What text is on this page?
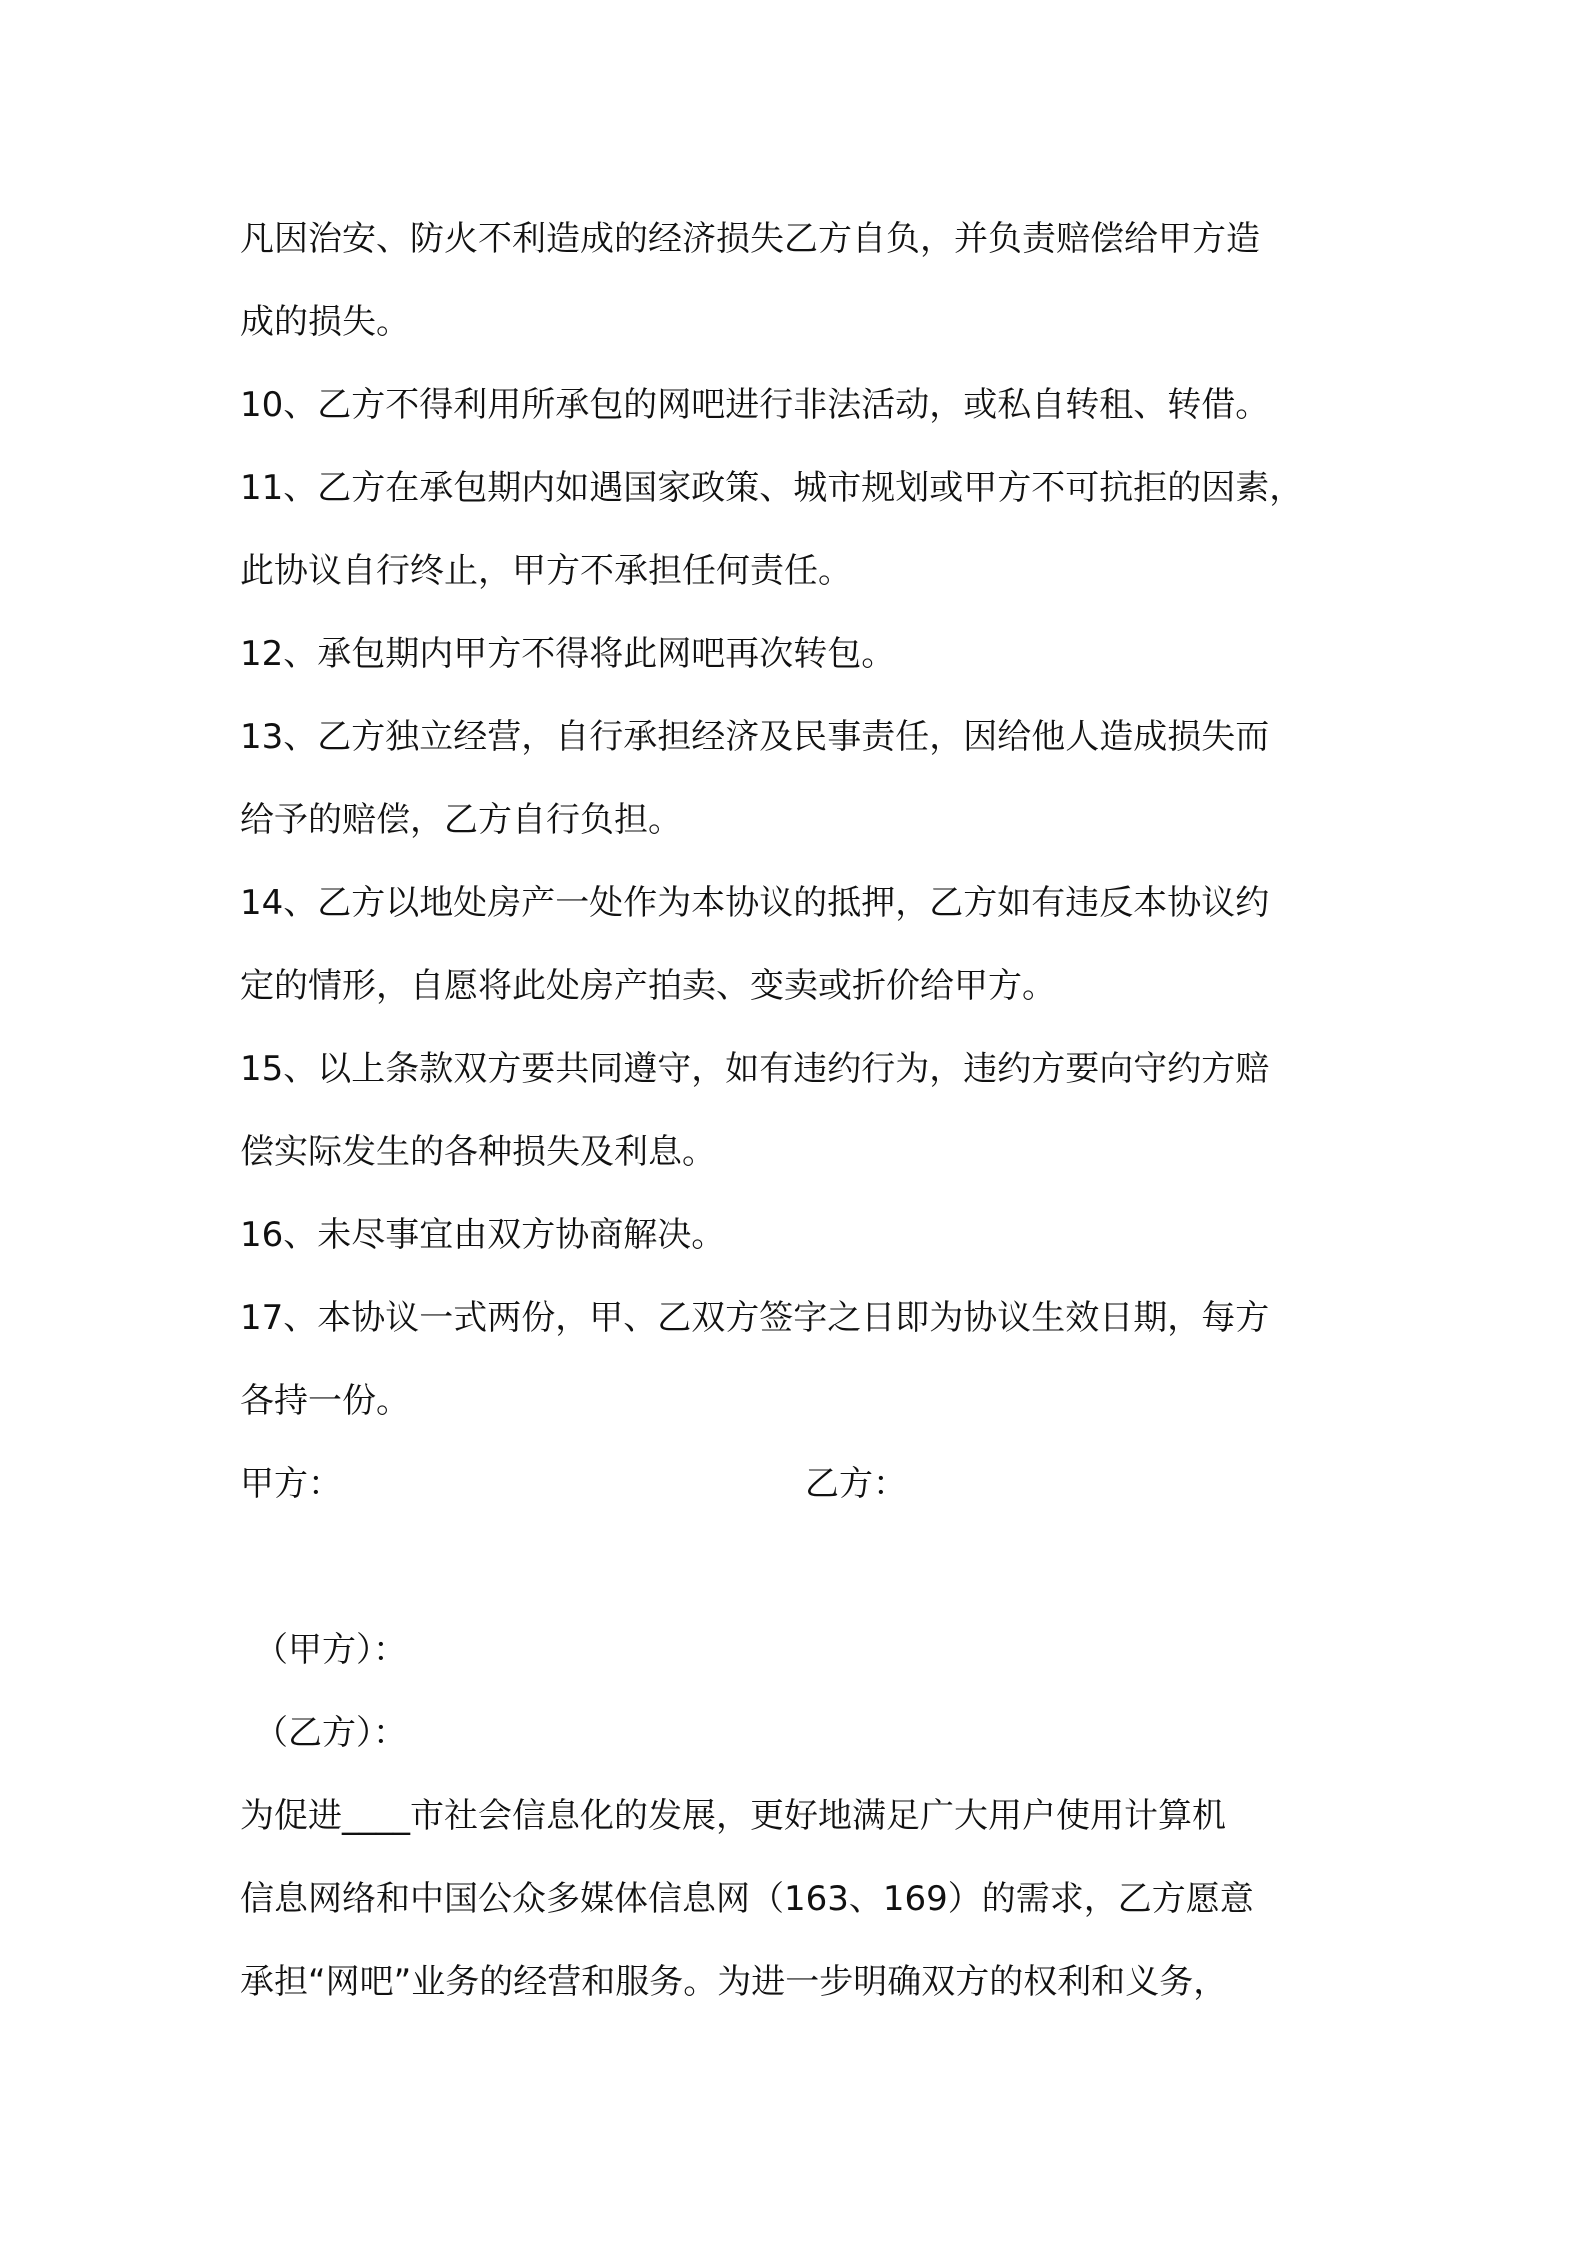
凡因治安、防火不利造成的经济损失乙方自负，并负责赔偿给甲方造
成的损失。
10、乙方不得利用所承包的网吧进行非法活动，或私自转租、转借。
11、乙方在承包期内如遇国家政策、城市规划或甲方不可抗拒的因素，
此协议自行终止，甲方不承担任何责任。
12、承包期内甲方不得将此网吧再次转包。
13、乙方独立经营，自行承担经济及民事责任，因给他人造成损失而
给予的赔偿，乙方自行负担。
14、乙方以地处房产一处作为本协议的抵押，乙方如有违反本协议约
定的情形，自愿将此处房产拍卖、变卖或折价给甲方。
15、以上条款双方要共同遵守，如有违约行为，违约方要向守约方赔
偿实际发生的各种损失及利息。
16、未尽事宜由双方协商解决。
17、本协议一式两份，甲、乙双方签字之日即为协议生效日期，每方
各持一份。
甲方：	乙方：
（甲方）：
（乙方）：
为促进____市社会信息化的发展，更好地满足广大用户使用计算机
信息网络和中国公众多媒体信息网（163、169）的需求，乙方愿意
承担“网吧”业务的经营和服务。为进一步明确双方的权利和义务，
